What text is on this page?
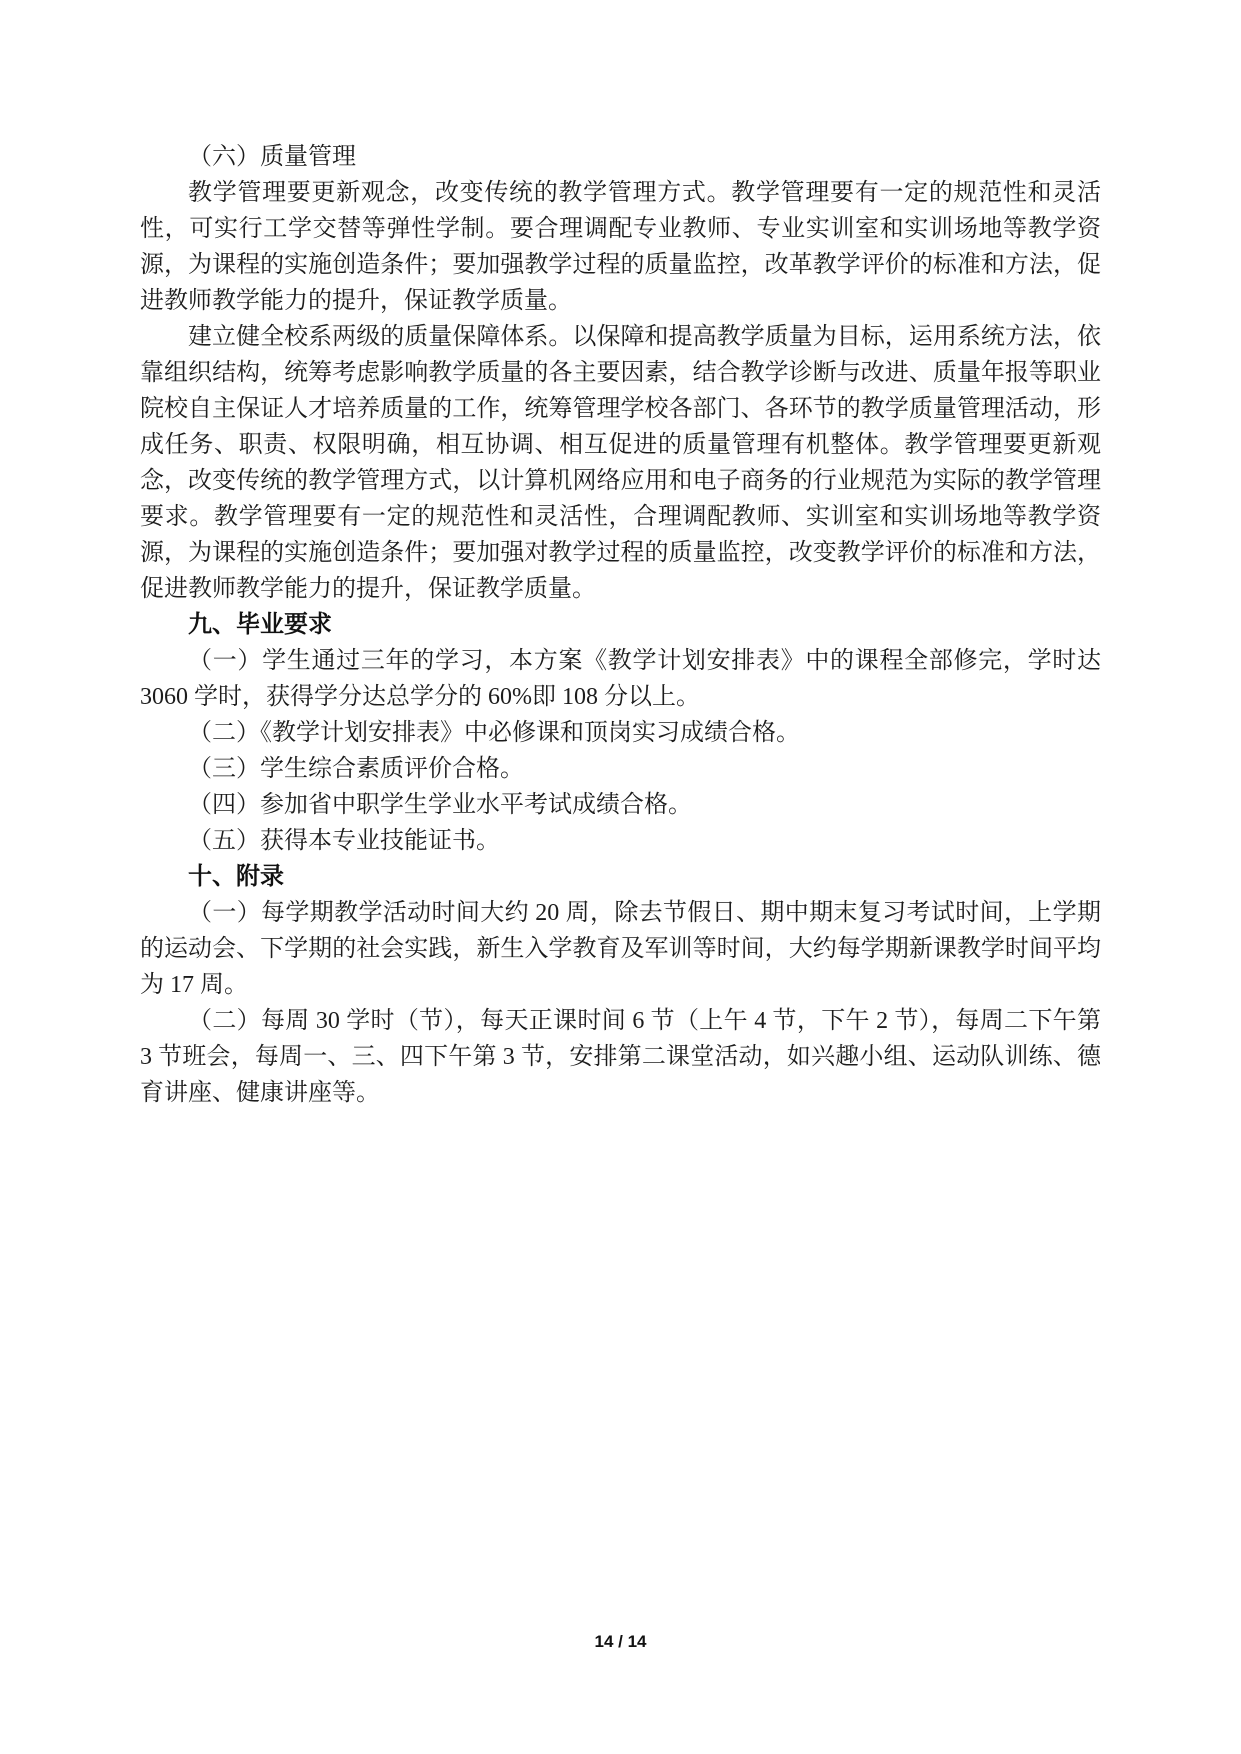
（六）质量管理

教学管理要更新观念，改变传统的教学管理方式。教学管理要有一定的规范性和灵活性，可实行工学交替等弹性学制。要合理调配专业教师、专业实训室和实训场地等教学资源，为课程的实施创造条件；要加强教学过程的质量监控，改革教学评价的标准和方法，促进教师教学能力的提升，保证教学质量。

建立健全校系两级的质量保障体系。以保障和提高教学质量为目标，运用系统方法，依靠组织结构，统筹考虑影响教学质量的各主要因素，结合教学诊断与改进、质量年报等职业院校自主保证人才培养质量的工作，统筹管理学校各部门、各环节的教学质量管理活动，形成任务、职责、权限明确，相互协调、相互促进的质量管理有机整体。教学管理要更新观念，改变传统的教学管理方式，以计算机网络应用和电子商务的行业规范为实际的教学管理要求。教学管理要有一定的规范性和灵活性，合理调配教师、实训室和实训场地等教学资源，为课程的实施创造条件；要加强对教学过程的质量监控，改变教学评价的标准和方法，促进教师教学能力的提升，保证教学质量。

九、毕业要求

（一）学生通过三年的学习，本方案《教学计划安排表》中的课程全部修完，学时达 3060 学时，获得学分达总学分的 60%即 108 分以上。

（二）《教学计划安排表》中必修课和顶岗实习成绩合格。

（三）学生综合素质评价合格。

（四）参加省中职学生学业水平考试成绩合格。

（五）获得本专业技能证书。

十、附录

（一）每学期教学活动时间大约 20 周，除去节假日、期中期末复习考试时间，上学期的运动会、下学期的社会实践，新生入学教育及军训等时间，大约每学期新课教学时间平均为 17 周。

（二）每周 30 学时（节），每天正课时间 6 节（上午 4 节，下午 2 节），每周二下午第 3 节班会，每周一、三、四下午第 3 节，安排第二课堂活动，如兴趣小组、运动队训练、德育讲座、健康讲座等。

14 / 14
